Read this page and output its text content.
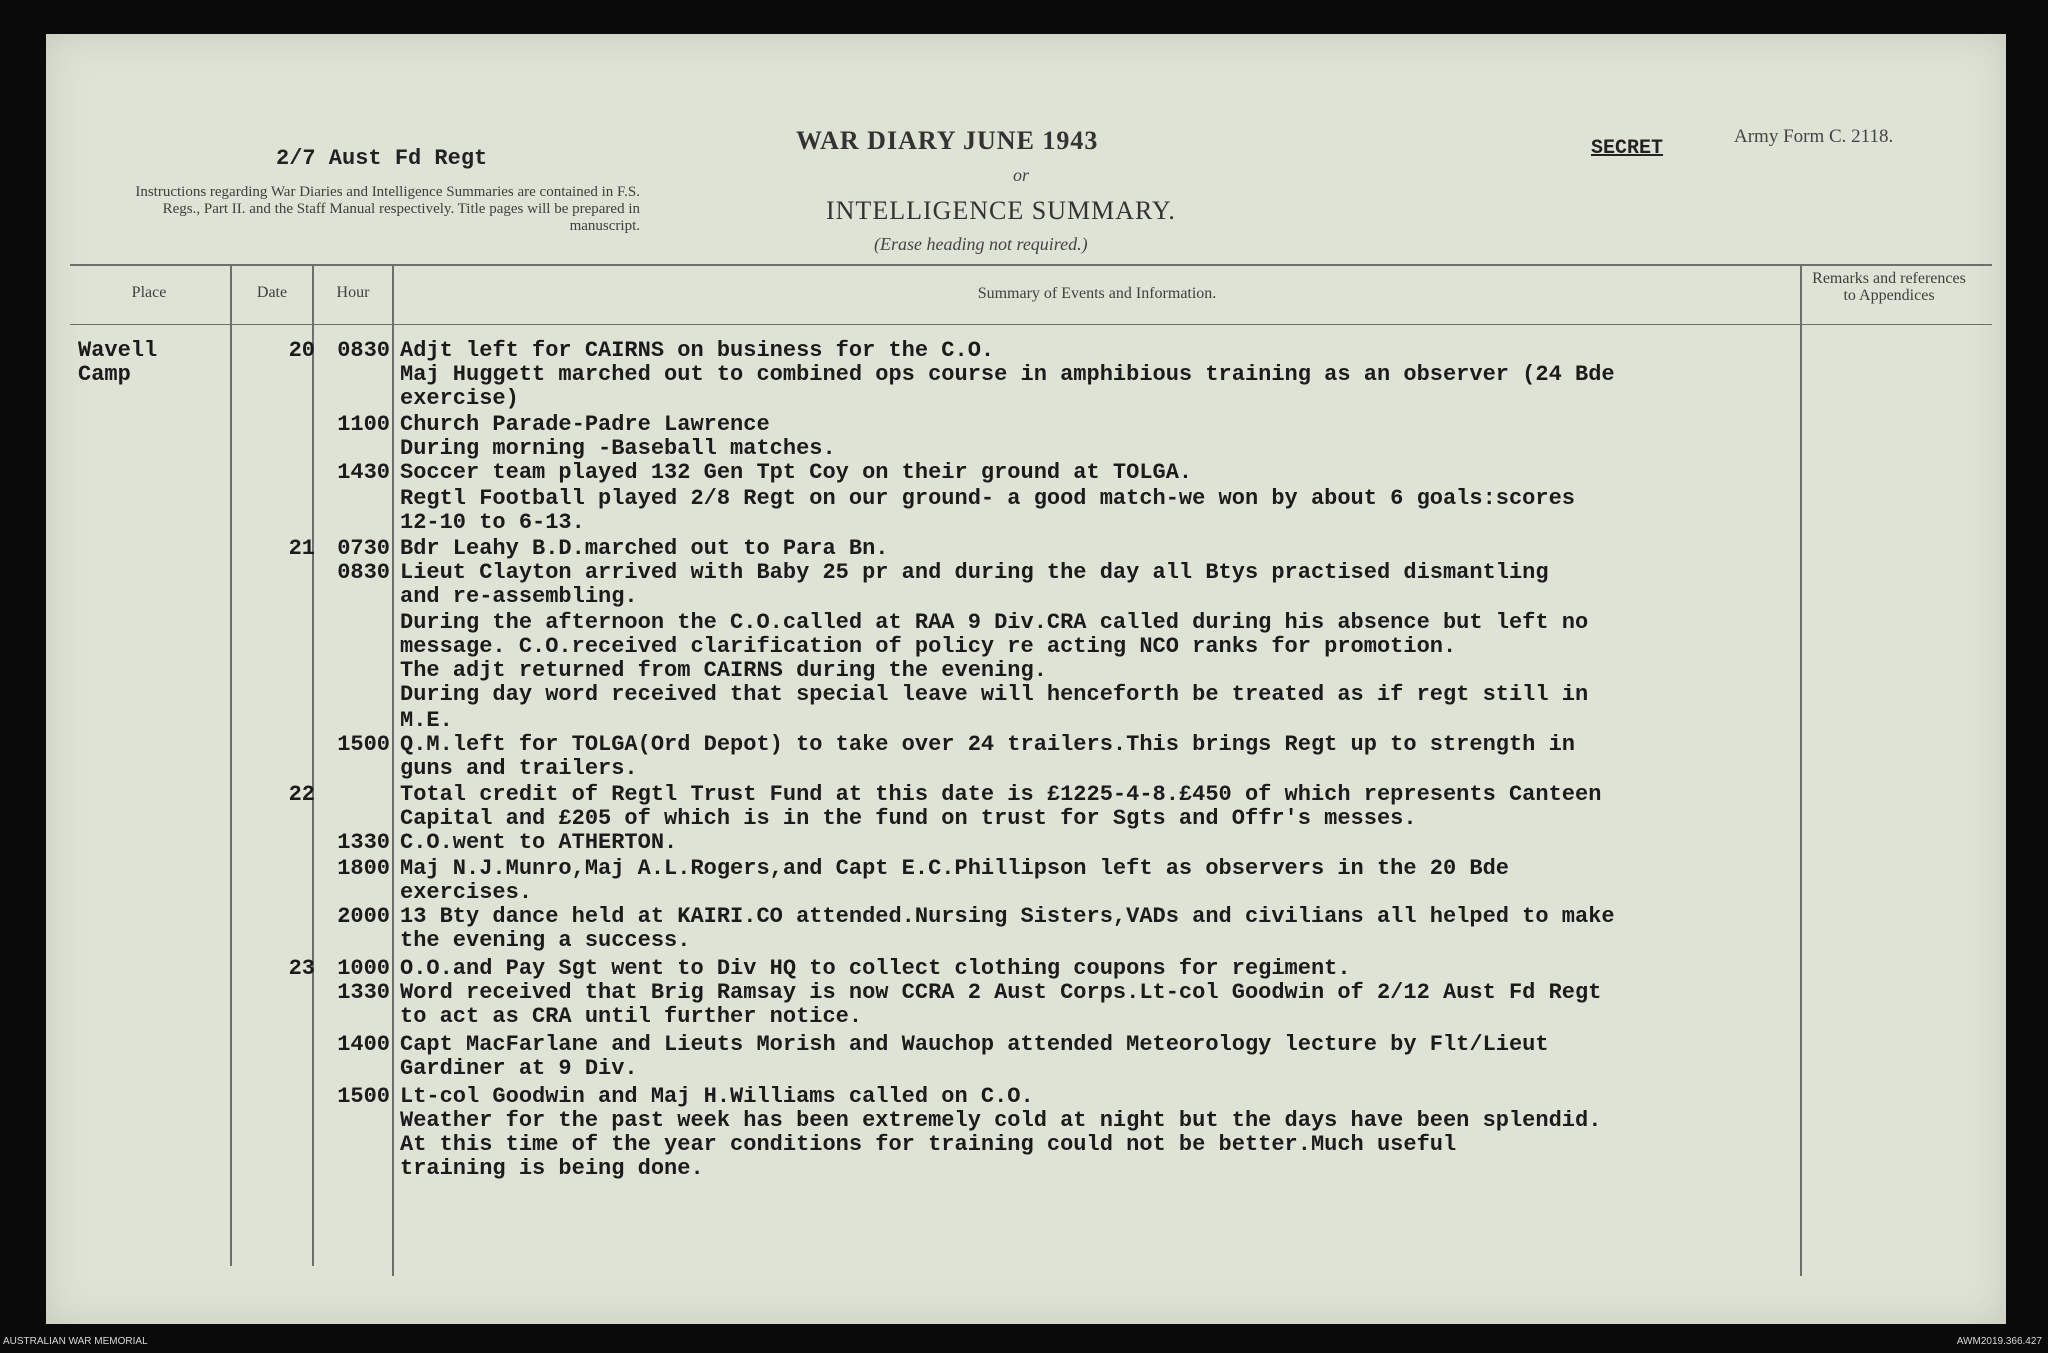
2/7 Aust Fd Regt
Instructions regarding War Diaries and Intelligence Summaries are contained in F.S. Regs., Part II. and the Staff Manual respectively. Title pages will be prepared in manuscript.
WAR DIARY JUNE 1943
or
INTELLIGENCE SUMMARY.
(Erase heading not required.)
SECRET
Army Form C. 2118.
Place	Date	Hour	Summary of Events and Information.
Remarks and references to Appendices
Wavell
Camp
20	0830 Adjt left for CAIRNS on business for the C.O.
Maj Huggett marched out to combined ops course in amphibious training as an observer (24 Bde
exercise)
1100 Church Parade-Padre Lawrence
During morning -Baseball matches.
1430 Soccer team played 132 Gen Tpt Coy on their ground at TOLGA.
Regtl Football played 2/8 Regt on our ground- a good match-we won by about 6 goals:scores
12-10 to 6-13.
21	0730 Bdr Leahy B.D.marched out to Para Bn.
0830 Lieut Clayton arrived with Baby 25 pr and during the day all Btys practised dismantling
and re-assembling.
During the afternoon the C.O.called at RAA 9 Div.CRA called during his absence but left no
message. C.O.received clarification of policy re acting NCO ranks for promotion.
The adjt returned from CAIRNS during the evening.
During day word received that special leave will henceforth be treated as if regt still in
M.E.
1500 Q.M.left for TOLGA(Ord Depot) to take over 24 trailers.This brings Regt up to strength in
guns and trailers.
22	Total credit of Regtl Trust Fund at this date is £1225-4-8.£450 of which represents Canteen
Capital and £205 of which is in the fund on trust for Sgts and Offr's messes.
1330 C.O.went to ATHERTON.
1800 Maj N.J.Munro,Maj A.L.Rogers,and Capt E.C.Phillipson left as observers in the 20 Bde
exercises.
2000 13 Bty dance held at KAIRI.CO attended.Nursing Sisters,VADs and civilians all helped to make
the evening a success.
23	1000 O.O.and Pay Sgt went to Div HQ to collect clothing coupons for regiment.
1330 Word received that Brig Ramsay is now CCRA 2 Aust Corps.Lt-col Goodwin of 2/12 Aust Fd Regt
to act as CRA until further notice.
1400 Capt MacFarlane and Lieuts Morish and Wauchop attended Meteorology lecture by Flt/Lieut
Gardiner at 9 Div.
1500 Lt-col Goodwin and Maj H.Williams called on C.O.
Weather for the past week has been extremely cold at night but the days have been splendid.
At this time of the year conditions for training could not be better.Much useful
training is being done.
AUSTRALIAN WAR MEMORIAL	AWM2019.366.427
